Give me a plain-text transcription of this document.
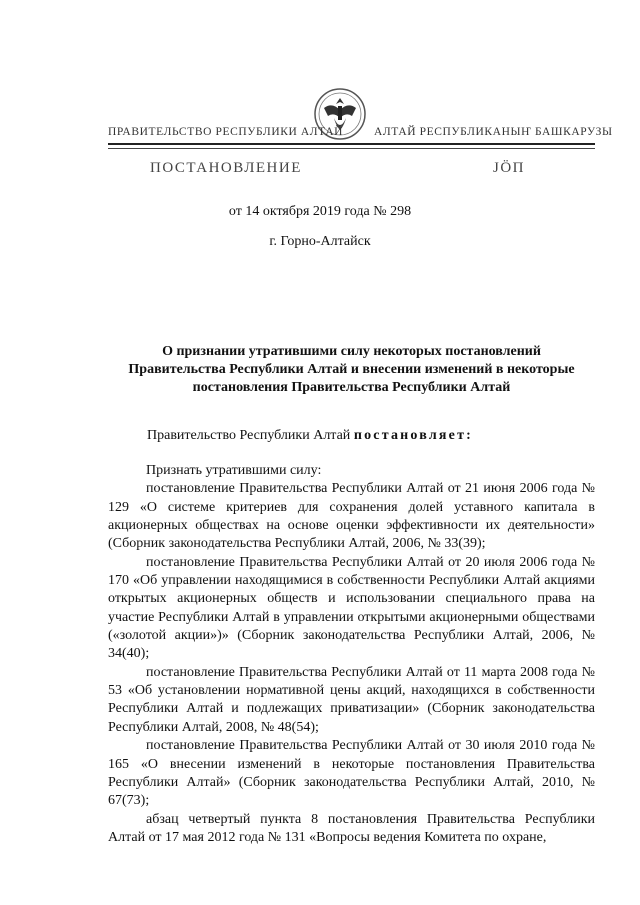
ПРАВИТЕЛЬСТВО РЕСПУБЛИКИ АЛТАЙ	АЛТАЙ РЕСПУБЛИКАНЫҤ БАШКАРУЗЫ
ПОСТАНОВЛЕНИЕ	ЈÖП
от 14 октября 2019 года № 298
г. Горно-Алтайск
О признании утратившими силу некоторых постановлений
Правительства Республики Алтай и внесении изменений в некоторые
постановления Правительства Республики Алтай
Правительство Республики Алтай постановляет:

Признать утратившими силу:

постановление Правительства Республики Алтай от 21 июня 2006 года № 129 «О системе критериев для сохранения долей уставного капитала в акционерных обществах на основе оценки эффективности их деятельности» (Сборник законодательства Республики Алтай, 2006, № 33(39);

постановление Правительства Республики Алтай от 20 июля 2006 года № 170 «Об управлении находящимися в собственности Республики Алтай акциями открытых акционерных обществ и использовании специального права на участие Республики Алтай в управлении открытыми акционерными обществами («золотой акции»)» (Сборник законодательства Республики Алтай, 2006, № 34(40);

постановление Правительства Республики Алтай от 11 марта 2008 года № 53 «Об установлении нормативной цены акций, находящихся в собственности Республики Алтай и подлежащих приватизации» (Сборник законодательства Республики Алтай, 2008, № 48(54);

постановление Правительства Республики Алтай от 30 июля 2010 года № 165 «О внесении изменений в некоторые постановления Правительства Республики Алтай» (Сборник законодательства Республики Алтай, 2010, № 67(73);

абзац четвертый пункта 8 постановления Правительства Республики Алтай от 17 мая 2012 года № 131 «Вопросы ведения Комитета по охране,
